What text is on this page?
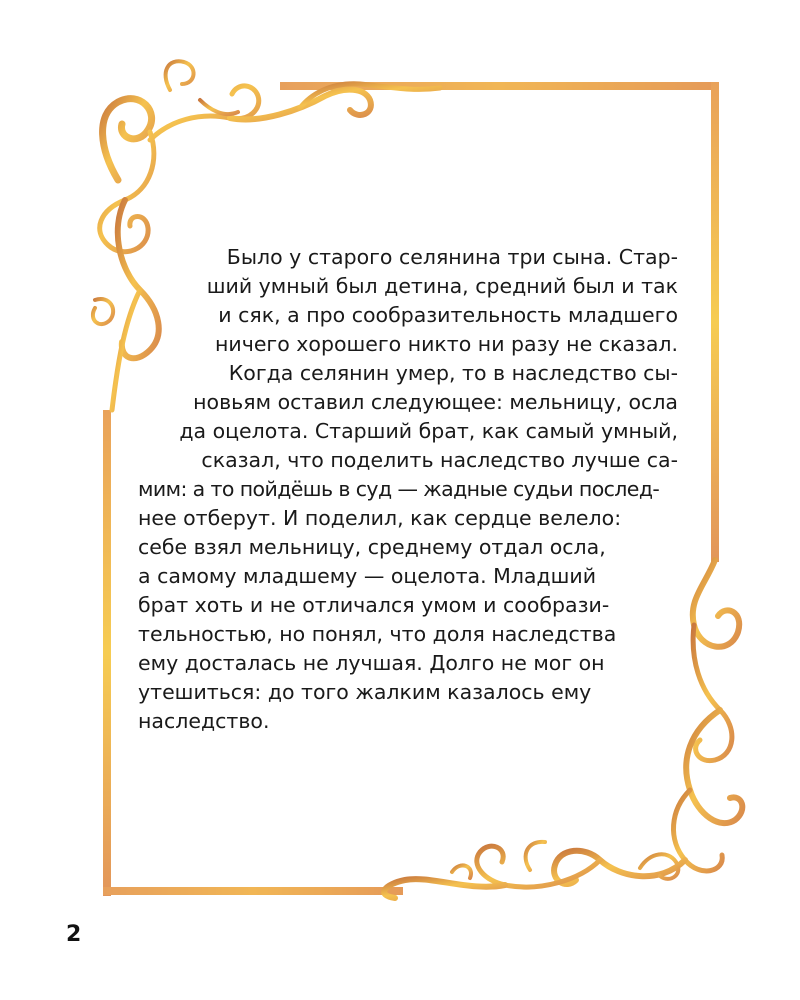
Было у старого селянина три сына. Стар-
ший умный был детина, средний был и так
и сяк, а про сообразительность младшего
ничего хорошего никто ни разу не сказал.
Когда селянин умер, то в наследство сы-
новьям оставил следующее: мельницу, осла
да оцелота. Старший брат, как самый умный,
сказал, что поделить наследство лучше са-
мим: а то пойдёшь в суд — жадные судьи послед-
нее отберут. И поделил, как сердце велело:
себе взял мельницу, среднему отдал осла,
а самому младшему — оцелота. Младший
брат хоть и не отличался умом и сообрази-
тельностью, но понял, что доля наследства
ему досталась не лучшая. Долго не мог он
утешиться: до того жалким казалось ему
наследство.
2
